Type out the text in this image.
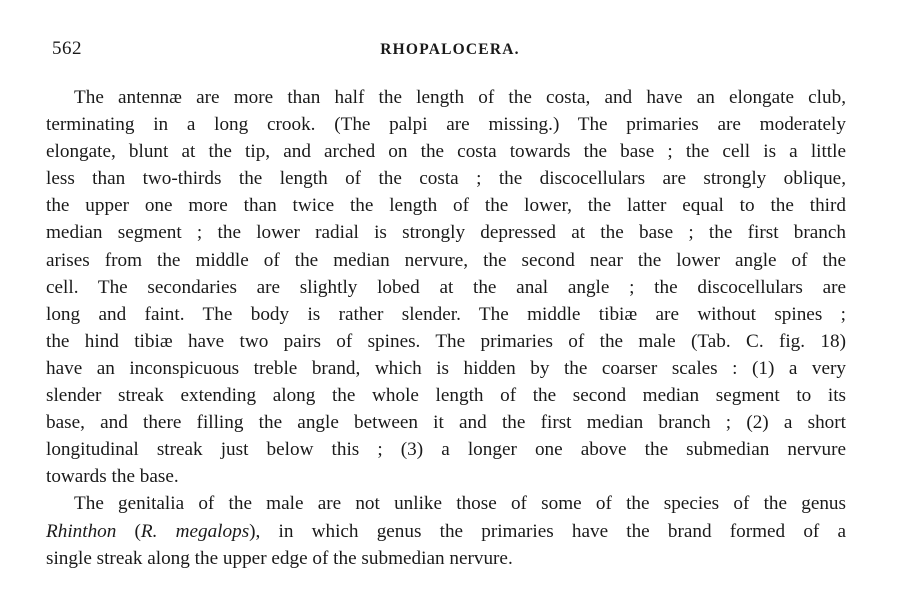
562	RHOPALOCERA.
The antennæ are more than half the length of the costa, and have an elongate club,
terminating in a long crook. (The palpi are missing.) The primaries are moderately
elongate, blunt at the tip, and arched on the costa towards the base ; the cell is a little
less than two-thirds the length of the costa ; the discocellulars are strongly oblique,
the upper one more than twice the length of the lower, the latter equal to the third
median segment ; the lower radial is strongly depressed at the base ; the first branch
arises from the middle of the median nervure, the second near the lower angle of the
cell. The secondaries are slightly lobed at the anal angle ; the discocellulars are
long and faint. The body is rather slender. The middle tibiæ are without spines ;
the hind tibiæ have two pairs of spines. The primaries of the male (Tab. C. fig. 18)
have an inconspicuous treble brand, which is hidden by the coarser scales : (1) a very
slender streak extending along the whole length of the second median segment to its
base, and there filling the angle between it and the first median branch ; (2) a short
longitudinal streak just below this ; (3) a longer one above the submedian nervure
towards the base.
The genitalia of the male are not unlike those of some of the species of the genus
Rhinthon (R. megalops), in which genus the primaries have the brand formed of a
single streak along the upper edge of the submedian nervure.
